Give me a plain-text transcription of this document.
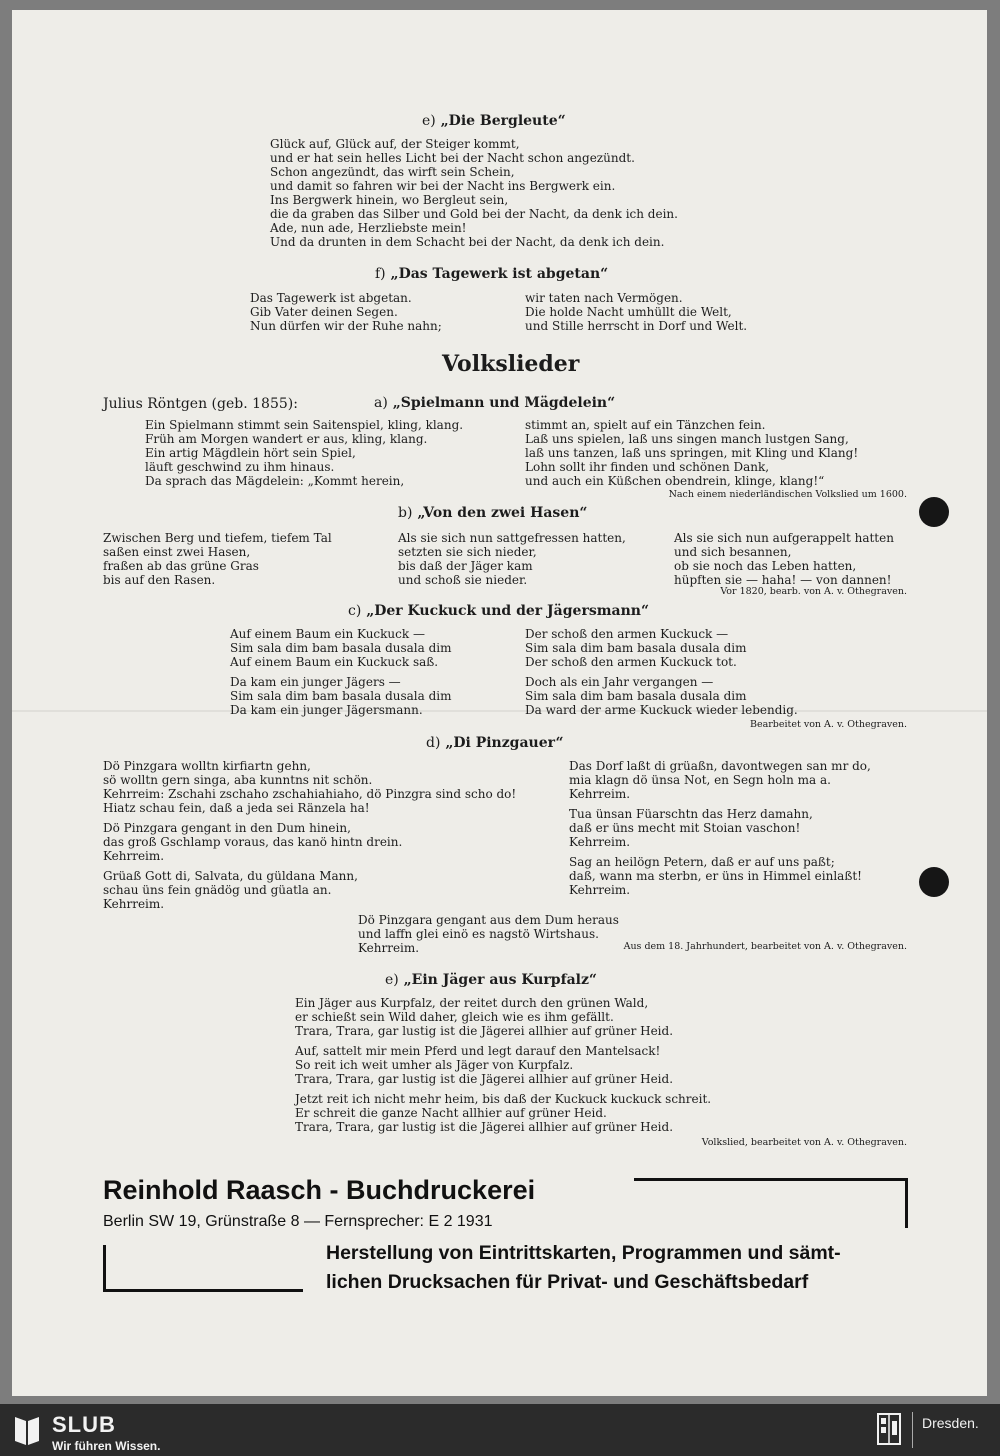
e) „Die Bergleute“
Glück auf, Glück auf, der Steiger kommt,
und er hat sein helles Licht bei der Nacht schon angezündt.
Schon angezündt, das wirft sein Schein,
und damit so fahren wir bei der Nacht ins Bergwerk ein.
Ins Bergwerk hinein, wo Bergleut sein,
die da graben das Silber und Gold bei der Nacht, da denk ich dein.
Ade, nun ade, Herzliebste mein!
Und da drunten in dem Schacht bei der Nacht, da denk ich dein.
f) „Das Tagewerk ist abgetan“
Das Tagewerk ist abgetan.
Gib Vater deinen Segen.
Nun dürfen wir der Ruhe nahn;
wir taten nach Vermögen.
Die holde Nacht umhüllt die Welt,
und Stille herrscht in Dorf und Welt.
Volkslieder
Julius Röntgen (geb. 1855):	a) „Spielmann und Mägdelein“
Ein Spielmann stimmt sein Saitenspiel, kling, klang.
Früh am Morgen wandert er aus, kling, klang.
Ein artig Mägdlein hört sein Spiel,
läuft geschwind zu ihm hinaus.
Da sprach das Mägdelein: „Kommt herein,
stimmt an, spielt auf ein Tänzchen fein.
Laß uns spielen, laß uns singen manch lustgen Sang,
laß uns tanzen, laß uns springen, mit Kling und Klang!
Lohn sollt ihr finden und schönen Dank,
und auch ein Küßchen obendrein, klinge, klang!“
Nach einem niederländischen Volkslied um 1600.
b) „Von den zwei Hasen“
Zwischen Berg und tiefem, tiefem Tal
saßen einst zwei Hasen,
fraßen ab das grüne Gras
bis auf den Rasen.
Als sie sich nun sattgefressen hatten,
setzten sie sich nieder,
bis daß der Jäger kam
und schoß sie nieder.
Als sie sich nun aufgerappelt hatten
und sich besannen,
ob sie noch das Leben hatten,
hüpften sie — haha! — von dannen!
Vor 1820, bearb. von A. v. Othegraven.
c) „Der Kuckuck und der Jägersmann“
Auf einem Baum ein Kuckuck —
Sim sala dim bam basala dusala dim
Auf einem Baum ein Kuckuck saß.
Da kam ein junger Jägers —
Sim sala dim bam basala dusala dim
Da kam ein junger Jägersmann.
Der schoß den armen Kuckuck —
Sim sala dim bam basala dusala dim
Der schoß den armen Kuckuck tot.
Doch als ein Jahr vergangen —
Sim sala dim bam basala dusala dim
Da ward der arme Kuckuck wieder lebendig.
Bearbeitet von A. v. Othegraven.
d) „Di Pinzgauer“
Dö Pinzgara wolltn kirfiartn gehn,
sö wolltn gern singa, aba kunntns nit schön.
Kehrreim: Zschahi zschaho zschahiahiaho, dö Pinzgra sind scho do!
Hiatz schau fein, daß a jeda sei Ränzela ha!
Dö Pinzgara gengant in den Dum hinein,
das groß Gschlamp voraus, das kanö hintn drein.
Kehrreim.
Grüaß Gott di, Salvata, du güldana Mann,
schau üns fein gnädög und güatla an.
Kehrreim.
Das Dorf laßt di grüaßn, davontwegen san mr do,
mia klagn dö ünsa Not, en Segn holn ma a.
Kehrreim.
Tua ünsan Füarschtn das Herz damahn,
daß er üns mecht mit Stoian vaschon!
Kehrreim.
Sag an heilögn Petern, daß er auf uns paßt;
daß, wann ma sterbn, er üns in Himmel einlaßt!
Kehrreim.
Dö Pinzgara gengant aus dem Dum heraus
und laffn glei einö es nagstö Wirtshaus.
Kehrreim.	Aus dem 18. Jahrhundert, bearbeitet von A. v. Othegraven.
e) „Ein Jäger aus Kurpfalz“
Ein Jäger aus Kurpfalz, der reitet durch den grünen Wald,
er schießt sein Wild daher, gleich wie es ihm gefällt.
Trara, Trara, gar lustig ist die Jägerei allhier auf grüner Heid.
Auf, sattelt mir mein Pferd und legt darauf den Mantelsack!
So reit ich weit umher als Jäger von Kurpfalz.
Trara, Trara, gar lustig ist die Jägerei allhier auf grüner Heid.
Jetzt reit ich nicht mehr heim, bis daß der Kuckuck kuckuck schreit.
Er schreit die ganze Nacht allhier auf grüner Heid.
Trara, Trara, gar lustig ist die Jägerei allhier auf grüner Heid.
Volkslied, bearbeitet von A. v. Othegraven.
Reinhold Raasch - Buchdruckerei
Berlin SW 19, Grünstraße 8 — Fernsprecher: E 2 1931
Herstellung von Eintrittskarten, Programmen und sämt-
lichen Drucksachen für Privat- und Geschäftsbedarf
SLUB
Wir führen Wissen.
Dresden.
